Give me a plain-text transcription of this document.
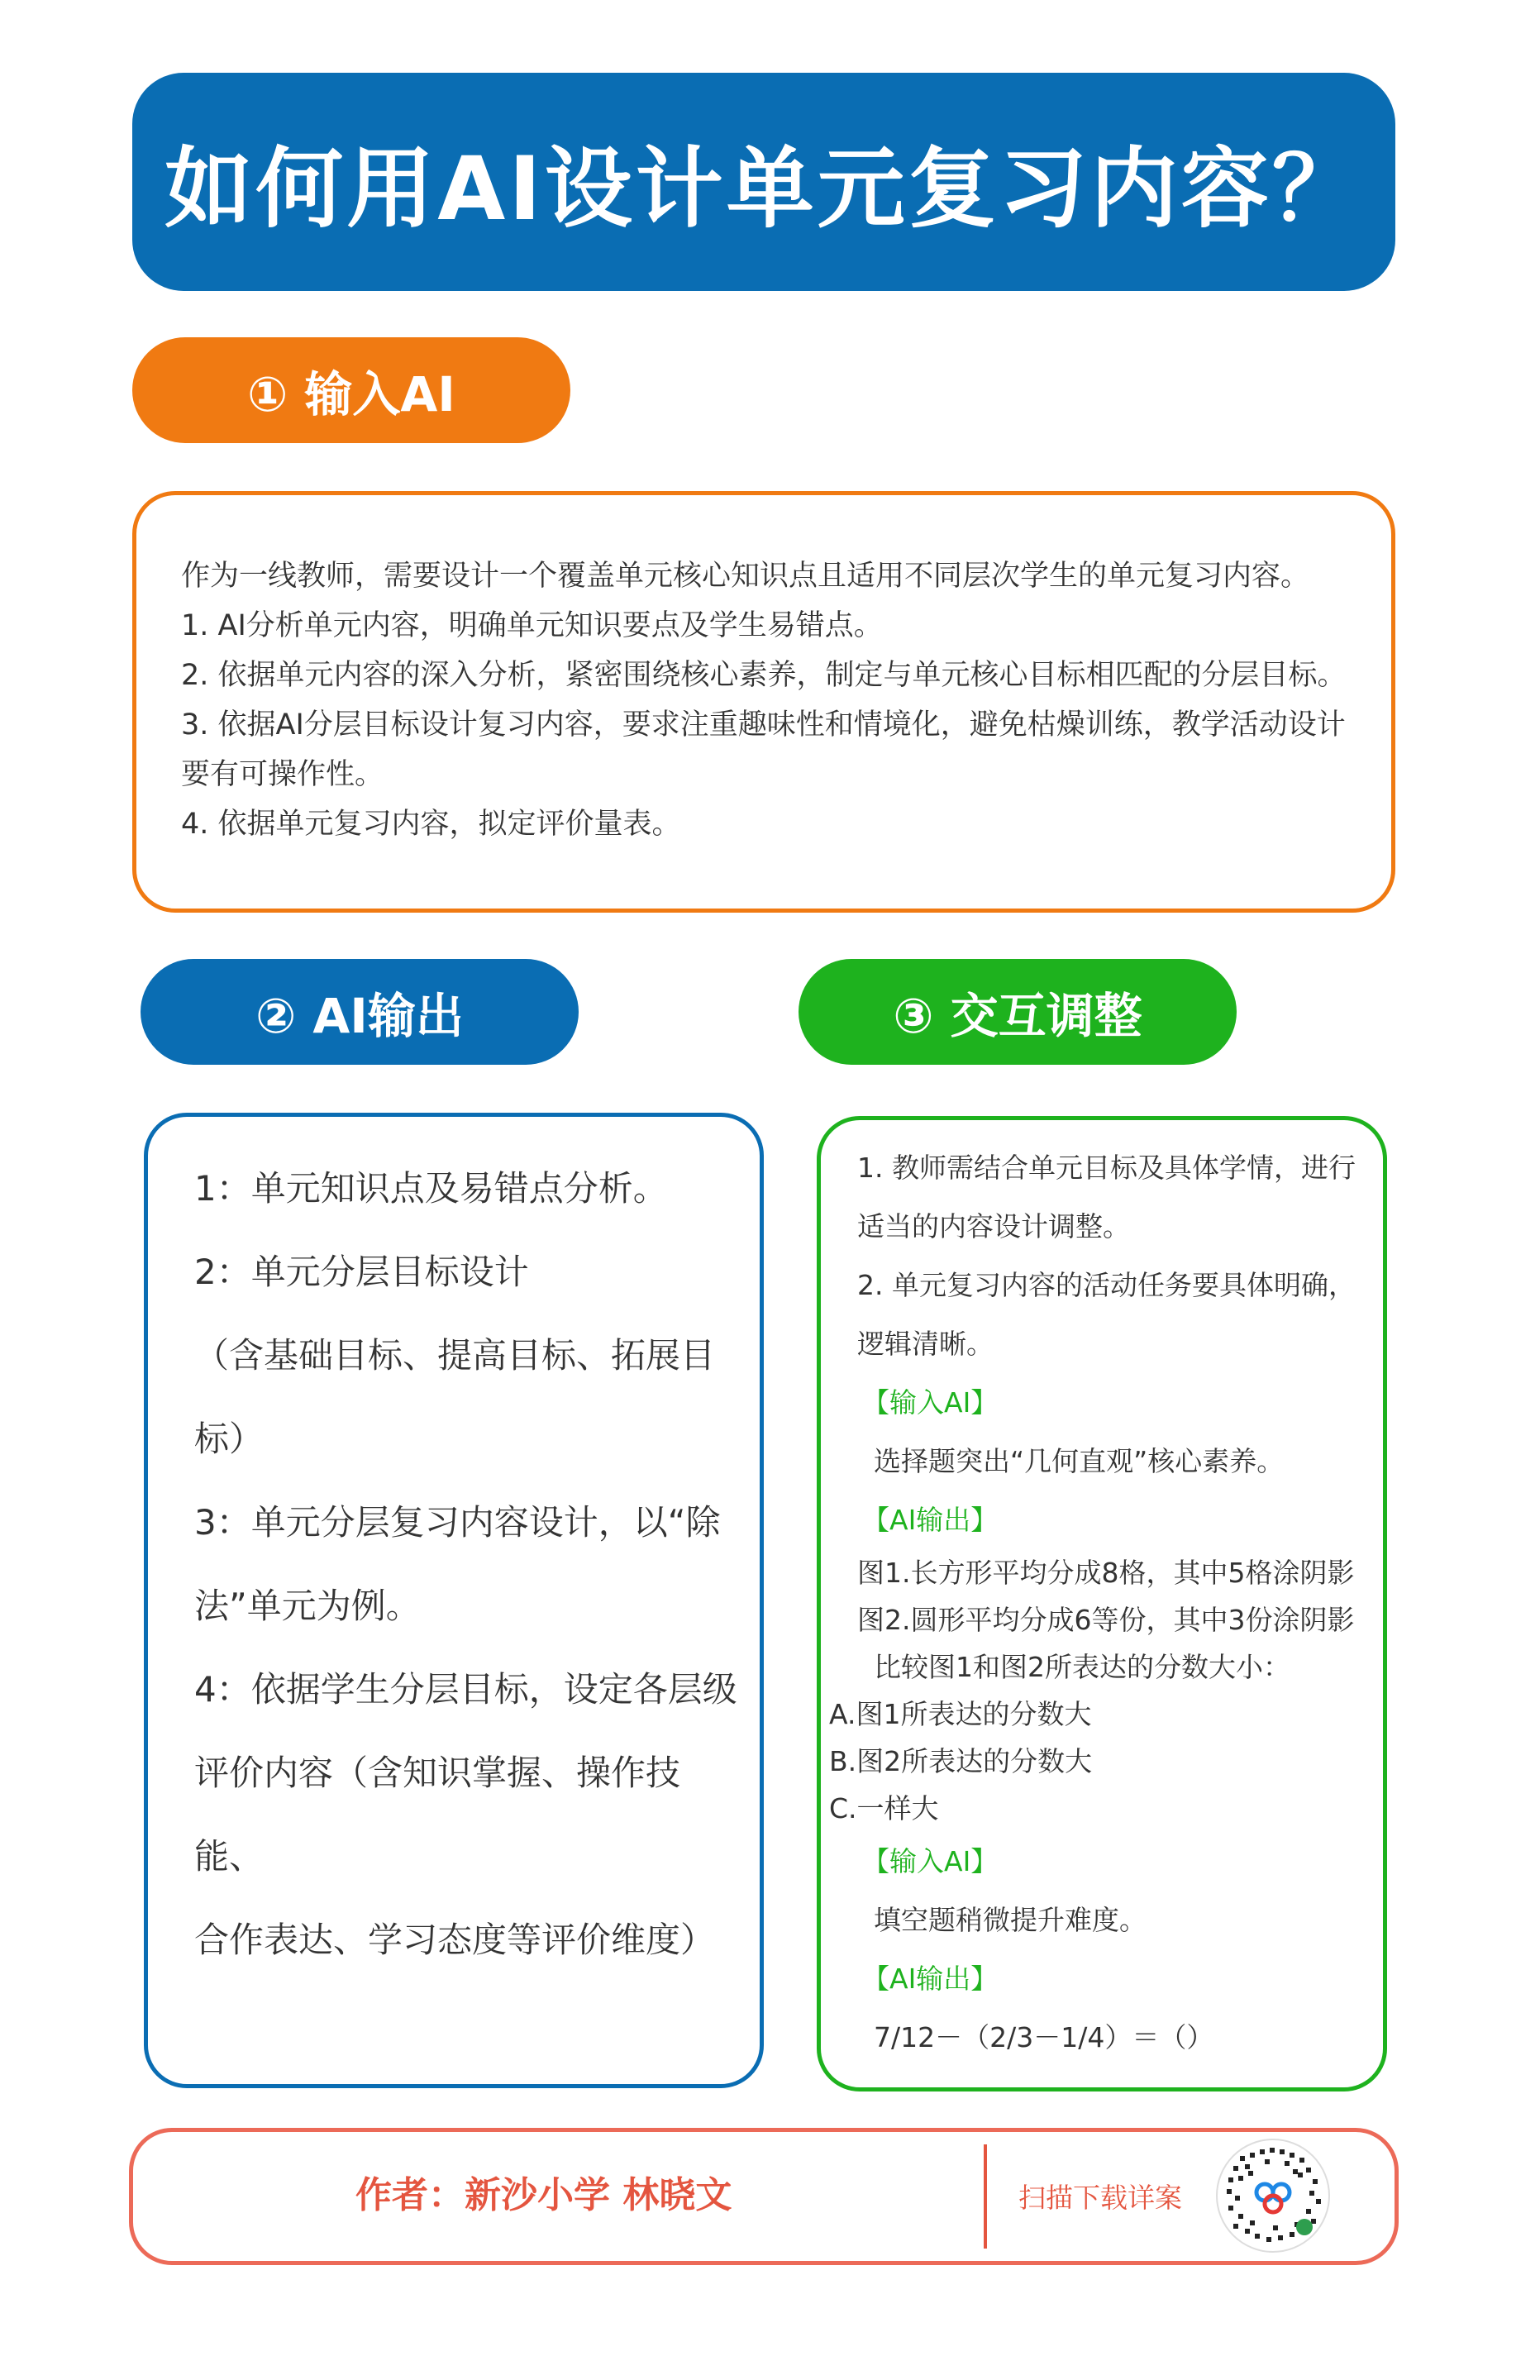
如何用AI设计单元复习内容？
① 输入AI

作为一线教师，需要设计一个覆盖单元核心知识点且适用不同层次学生的单元复习内容。

1. AI分析单元内容，明确单元知识要点及学生易错点。

2. 依据单元内容的深入分析，紧密围绕核心素养，制定与单元核心目标相匹配的分层目标。

3. 依据AI分层目标设计复习内容，要求注重趣味性和情境化，避免枯燥训练，教学活动设计

要有可操作性。

4. 依据单元复习内容，拟定评价量表。

② AI输出	③ 交互调整

1：单元知识点及易错点分析。

2：单元分层目标设计

（含基础目标、提高目标、拓展目

标）

3：单元分层复习内容设计，以“除

法”单元为例。

4：依据学生分层目标，设定各层级

评价内容（含知识掌握、操作技能、

合作表达、学习态度等评价维度）

1. 教师需结合单元目标及具体学情，进行

适当的内容设计调整。

2. 单元复习内容的活动任务要具体明确，

逻辑清晰。

【输入AI】

选择题突出“几何直观”核心素养。

【AI输出】

图1.长方形平均分成8格，其中5格涂阴影

图2.圆形平均分成6等份，其中3份涂阴影

比较图1和图2所表达的分数大小：

A.图1所表达的分数大

B.图2所表达的分数大

C.一样大

【输入AI】

填空题稍微提升难度。

【AI输出】

7/12－（2/3－1/4）＝（）

作者：新沙小学 林晓文	扫描下载详案
